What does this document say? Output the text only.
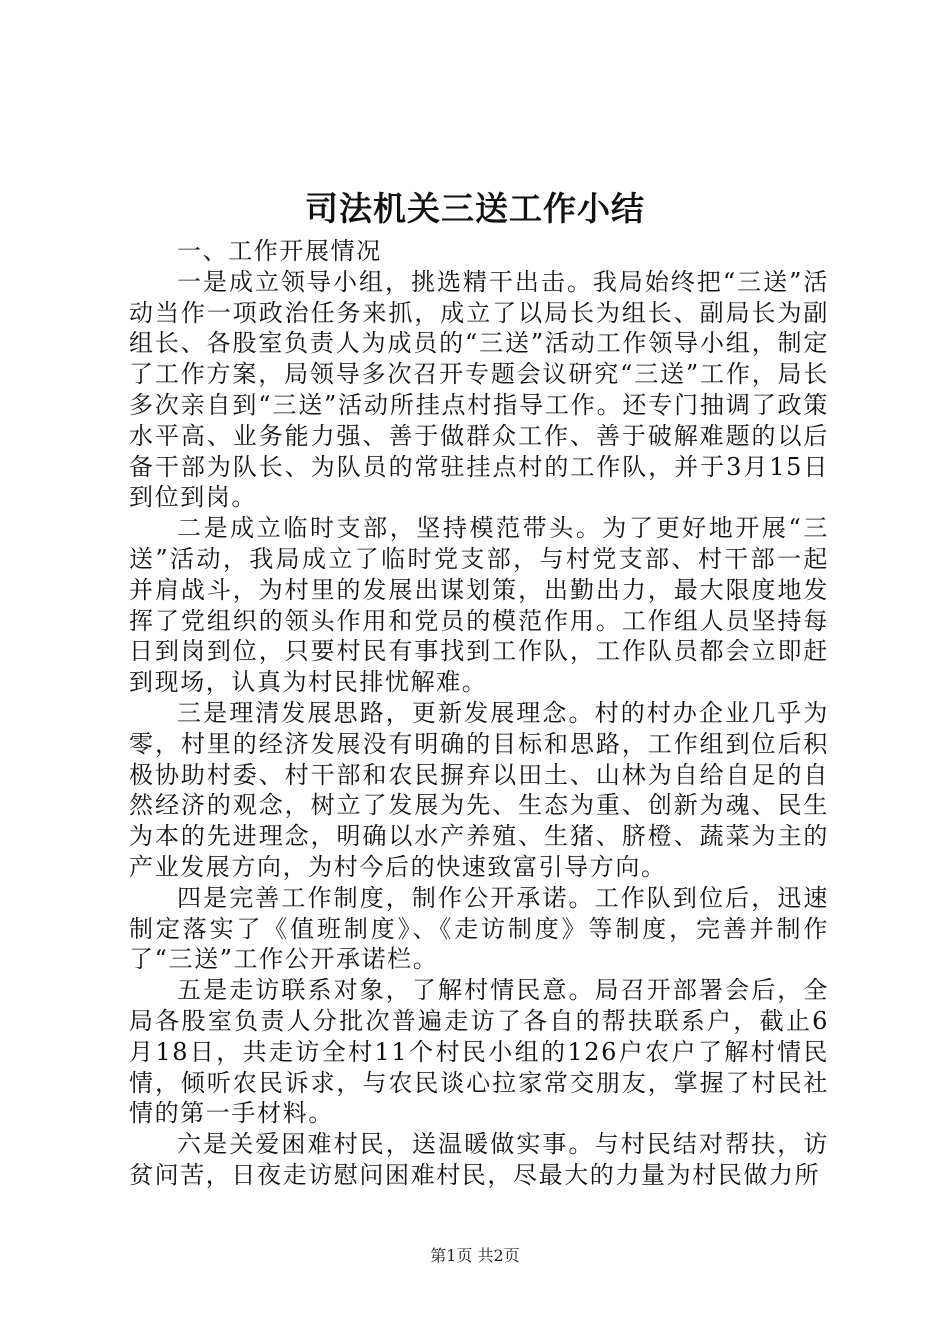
司法机关三送工作小结

一、工作开展情况

一是成立领导小组，挑选精干出击。我局始终把“三送”活动当作一项政治任务来抓，成立了以局长为组长、副局长为副组长、各股室负责人为成员的“三送”活动工作领导小组，制定了工作方案，局领导多次召开专题会议研究“三送”工作，局长多次亲自到“三送”活动所挂点村指导工作。还专门抽调了政策水平高、业务能力强、善于做群众工作、善于破解难题的以后备干部为队长、为队员的常驻挂点村的工作队，并于3月15日到位到岗。

二是成立临时支部，坚持模范带头。为了更好地开展“三送”活动，我局成立了临时党支部，与村党支部、村干部一起并肩战斗，为村里的发展出谋划策，出勤出力，最大限度地发挥了党组织的领头作用和党员的模范作用。工作组人员坚持每日到岗到位，只要村民有事找到工作队，工作队员都会立即赶到现场，认真为村民排忧解难。

三是理清发展思路，更新发展理念。村的村办企业几乎为零，村里的经济发展没有明确的目标和思路，工作组到位后积极协助村委、村干部和农民摒弃以田土、山林为自给自足的自然经济的观念，树立了发展为先、生态为重、创新为魂、民生为本的先进理念，明确以水产养殖、生猪、脐橙、蔬菜为主的产业发展方向，为村今后的快速致富引导方向。

四是完善工作制度，制作公开承诺。工作队到位后，迅速制定落实了《值班制度》、《走访制度》等制度，完善并制作了“三送”工作公开承诺栏。

五是走访联系对象，了解村情民意。局召开部署会后，全局各股室负责人分批次普遍走访了各自的帮扶联系户，截止6月18日，共走访全村11个村民小组的126户农户了解村情民情，倾听农民诉求，与农民谈心拉家常交朋友，掌握了村民社情的第一手材料。

六是关爱困难村民，送温暖做实事。与村民结对帮扶，访贫问苦，日夜走访慰问困难村民，尽最大的力量为村民做力所

第1页 共2页
